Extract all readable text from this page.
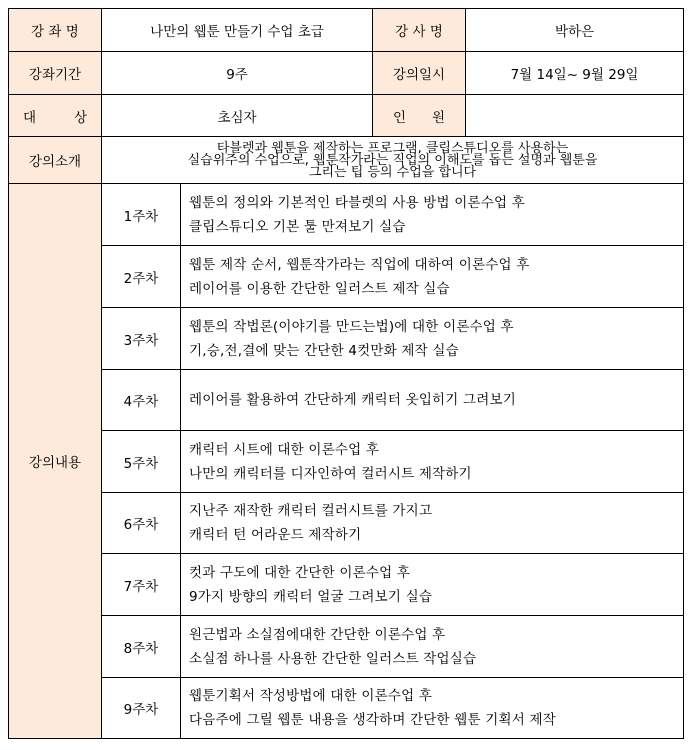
강 좌 명	나만의 웹툰 만들기 수업 초급		강 사 명	박하은
강좌기간	9주		강의일시	7월 14일~ 9월 29일
대 상	초심자		인 원	
강의소개	타블렛과 웹툰을 제작하는 프로그램, 클립스튜디오를 사용하는
실습위주의 수업으로, 웹툰작가라는 직업의 이해도를 돕는 설명과 웹툰을
그리는 팁 등의 수업을 합니다			

강의내용	1주차	웹툰의 정의와 기본적인 타블렛의 사용 방법 이론수업 후
클립스튜디오 기본 툴 만져보기 실습		

	2주차	웹툰 제작 순서, 웹툰작가라는 직업에 대하여 이론수업 후
레이어를 이용한 간단한 일러스트 제작 실습		

	3주차	웹툰의 작법론(이야기를 만드는법)에 대한 이론수업 후
기,승,전,결에 맞는 간단한 4컷만화 제작 실습		

	4주차	레이어를 활용하여 간단하게 캐릭터 옷입히기 그려보기		

	5주차	캐릭터 시트에 대한 이론수업 후
나만의 캐릭터를 디자인하여 컬러시트 제작하기		

	6주차	지난주 재작한 캐릭터 컬러시트를 가지고
캐릭터 턴 어라운드 제작하기		

	7주차	컷과 구도에 대한 간단한 이론수업 후
9가지 방향의 캐릭터 얼굴 그려보기 실습		

	8주차	원근법과 소실점에대한 간단한 이론수업 후
소실점 하나를 사용한 간단한 일러스트 작업실습		

	9주차	웹툰기획서 작성방법에 대한 이론수업 후
다음주에 그릴 웹툰 내용을 생각하며 간단한 웹툰 기획서 제작		
